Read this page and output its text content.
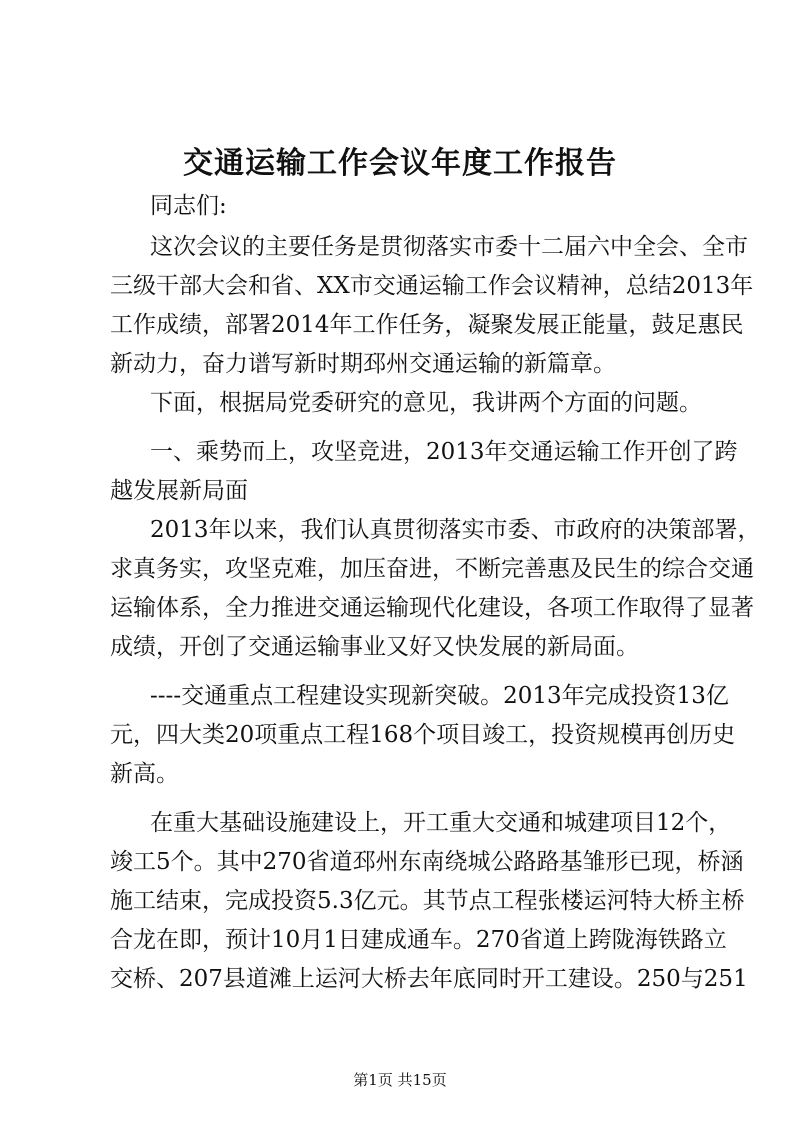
交通运输工作会议年度工作报告
同志们:
这次会议的主要任务是贯彻落实市委十二届六中全会、全市
三级干部大会和省、XX市交通运输工作会议精神，总结2013年
工作成绩，部署2014年工作任务，凝聚发展正能量，鼓足惠民
新动力，奋力谱写新时期邳州交通运输的新篇章。
下面，根据局党委研究的意见，我讲两个方面的问题。
一、乘势而上，攻坚竞进，2013年交通运输工作开创了跨
越发展新局面
2013年以来，我们认真贯彻落实市委、市政府的决策部署，
求真务实，攻坚克难，加压奋进，不断完善惠及民生的综合交通
运输体系，全力推进交通运输现代化建设，各项工作取得了显著
成绩，开创了交通运输事业又好又快发展的新局面。
----交通重点工程建设实现新突破。2013年完成投资13亿
元，四大类20项重点工程168个项目竣工，投资规模再创历史
新高。
在重大基础设施建设上，开工重大交通和城建项目12个，
竣工5个。其中270省道邳州东南绕城公路路基雏形已现，桥涵
施工结束，完成投资5.3亿元。其节点工程张楼运河特大桥主桥
合龙在即，预计10月1日建成通车。270省道上跨陇海铁路立
交桥、207县道滩上运河大桥去年底同时开工建设。250与251
第1页 共15页
